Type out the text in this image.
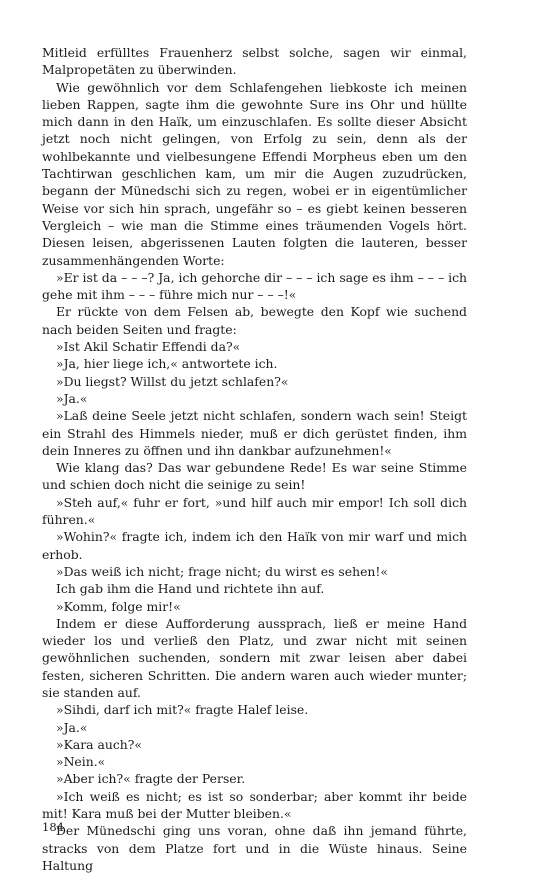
Mitleid erfülltes Frauenherz selbst solche, sagen wir einmal, Malpropetäten zu überwinden.

Wie gewöhnlich vor dem Schlafengehen liebkoste ich meinen lieben Rappen, sagte ihm die gewohnte Sure ins Ohr und hüllte mich dann in den Haïk, um einzuschlafen. Es sollte dieser Absicht jetzt noch nicht gelingen, von Erfolg zu sein, denn als der wohlbekannte und vielbesungene Effendi Morpheus eben um den Tachtirwan geschlichen kam, um mir die Augen zuzudrücken, begann der Münedschi sich zu regen, wobei er in eigentümlicher Weise vor sich hin sprach, ungefähr so – es giebt keinen besseren Vergleich – wie man die Stimme eines träumenden Vogels hört. Diesen leisen, abgerissenen Lauten folgten die lauteren, besser zusammenhängenden Worte:

»Er ist da – – –? Ja, ich gehorche dir – – – ich sage es ihm – – – ich gehe mit ihm – – – führe mich nur – – –!«

Er rückte von dem Felsen ab, bewegte den Kopf wie suchend nach beiden Seiten und fragte:

»Ist Akil Schatir Effendi da?«

»Ja, hier liege ich,« antwortete ich.

»Du liegst? Willst du jetzt schlafen?«

»Ja.«

»Laß deine Seele jetzt nicht schlafen, sondern wach sein! Steigt ein Strahl des Himmels nieder, muß er dich gerüstet finden, ihm dein Inneres zu öffnen und ihn dankbar aufzunehmen!«

Wie klang das? Das war gebundene Rede! Es war seine Stimme und schien doch nicht die seinige zu sein!

»Steh auf,« fuhr er fort, »und hilf auch mir empor! Ich soll dich führen.«

»Wohin?« fragte ich, indem ich den Haïk von mir warf und mich erhob.

»Das weiß ich nicht; frage nicht; du wirst es sehen!«

Ich gab ihm die Hand und richtete ihn auf.

»Komm, folge mir!«

Indem er diese Aufforderung aussprach, ließ er meine Hand wieder los und verließ den Platz, und zwar nicht mit seinen gewöhnlichen suchenden, sondern mit zwar leisen aber dabei festen, sicheren Schritten. Die andern waren auch wieder munter; sie standen auf.

»Sihdi, darf ich mit?« fragte Halef leise.

»Ja.«

»Kara auch?«

»Nein.«

»Aber ich?« fragte der Perser.

»Ich weiß es nicht; es ist so sonderbar; aber kommt ihr beide mit! Kara muß bei der Mutter bleiben.«

Der Münedschi ging uns voran, ohne daß ihn jemand führte, stracks von dem Platze fort und in die Wüste hinaus. Seine Haltung

184
